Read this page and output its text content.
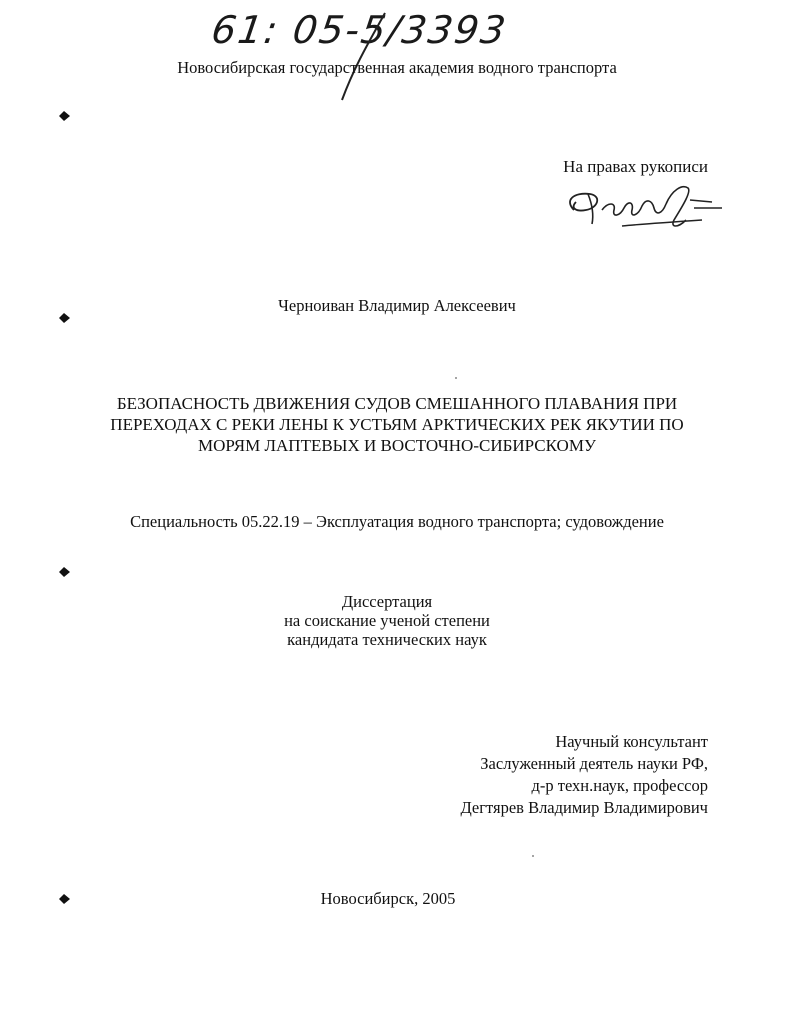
61: 05-5/3393
Новосибирская государственная академия водного транспорта
На правах рукописи
Черноиван Владимир Алексеевич
БЕЗОПАСНОСТЬ ДВИЖЕНИЯ СУДОВ СМЕШАННОГО ПЛАВАНИЯ ПРИ
ПЕРЕХОДАХ С РЕКИ ЛЕНЫ К УСТЬЯМ АРКТИЧЕСКИХ РЕК ЯКУТИИ ПО
МОРЯМ ЛАПТЕВЫХ И ВОСТОЧНО-СИБИРСКОМУ
Специальность 05.22.19 – Эксплуатация водного транспорта; судовождение
Диссертация
на соискание ученой степени
кандидата технических наук
Научный консультант
Заслуженный деятель науки РФ,
д-р техн.наук, профессор
Дегтярев Владимир Владимирович
Новосибирск, 2005
